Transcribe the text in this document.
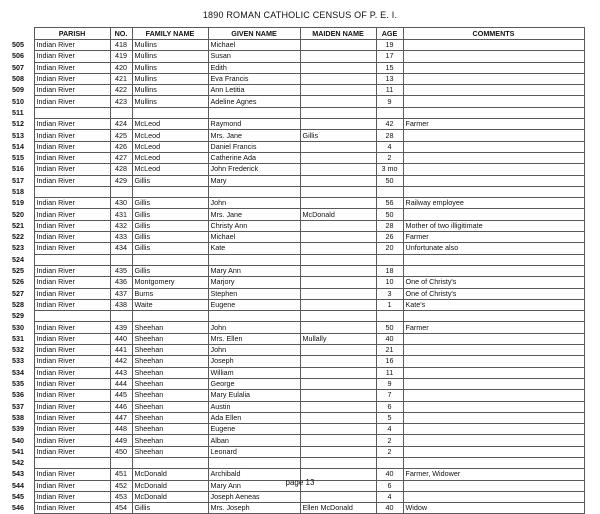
1890 ROMAN CATHOLIC CENSUS OF P. E. I.
	PARISH	NO.	FAMILY NAME	GIVEN NAME	MAIDEN NAME	AGE	COMMENTS
505	Indian River	418	Mullins	Michael		19	
506	Indian River	419	Mullins	Susan		17	
507	Indian River	420	Mullins	Edith		15	
508	Indian River	421	Mullins	Eva Francis		13	
509	Indian River	422	Mullins	Ann Letitia		11	
510	Indian River	423	Mullins	Adeline Agnes		9	
511							
512	Indian River	424	McLeod	Raymond		42	Farmer
513	Indian River	425	McLeod	Mrs. Jane	Gillis	28	
514	Indian River	426	McLeod	Daniel Francis		4	
515	Indian River	427	McLeod	Catherine Ada		2	
516	Indian River	428	McLeod	John Frederick		3 mo	
517	Indian River	429	Gillis	Mary		50	
518							
519	Indian River	430	Gillis	John		56	Railway employee
520	Indian River	431	Gillis	Mrs. Jane	McDonald	50	
521	Indian River	432	Gillis	Christy Ann		28	Mother of two illigitimate
522	Indian River	433	Gillis	Michael		26	Farmer
523	Indian River	434	Gillis	Kate		20	Unfortunate also
524							
525	Indian River	435	Gillis	Mary Ann		18	
526	Indian River	436	Montgomery	Marjory		10	One of Christy's
527	Indian River	437	Burns	Stephen		3	One of Christy's
528	Indian River	438	Waite	Eugene		1	Kate's
529							
530	Indian River	439	Sheehan	John		50	Farmer
531	Indian River	440	Sheehan	Mrs. Ellen	Mullally	40	
532	Indian River	441	Sheehan	John		21	
533	Indian River	442	Sheehan	Joseph		16	
534	Indian River	443	Sheehan	William		11	
535	Indian River	444	Sheehan	George		9	
536	Indian River	445	Sheehan	Mary Eulalia		7	
537	Indian River	446	Sheehan	Austin		6	
538	Indian River	447	Sheehan	Ada Ellen		5	
539	Indian River	448	Sheehan	Eugene		4	
540	Indian River	449	Sheehan	Alban		2	
541	Indian River	450	Sheehan	Leonard		2	
542							
543	Indian River	451	McDonald	Archibald		40	Farmer, Widower
544	Indian River	452	McDonald	Mary Ann		6	
545	Indian River	453	McDonald	Joseph Aeneas		4	
546	Indian River	454	Gillis	Mrs. Joseph	Ellen McDonald	40	Widow
page 13
